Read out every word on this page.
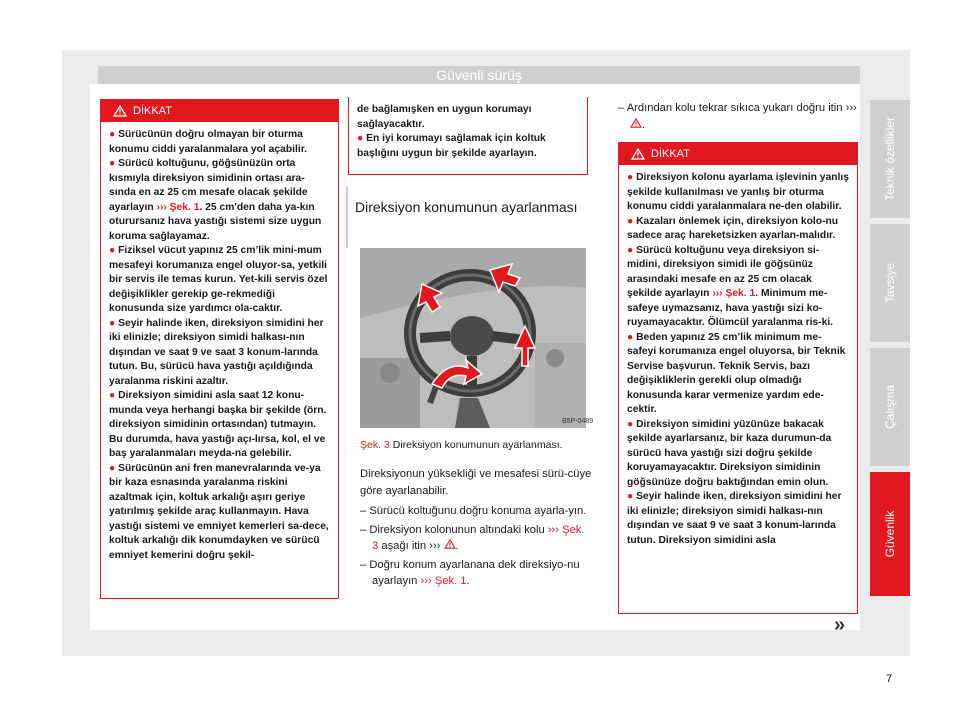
Güvenli sürüş
DİKKAT

● Sürücünün doğru olmayan bir oturma konumu ciddi yaralanmalara yol açabilir.

● Sürücü koltuğunu, göğsünüzün orta kısmıyla direksiyon simidinin ortası ara-sında en az 25 cm mesafe olacak şekilde ayarlayın ››› Şek. 1. 25 cm'den daha ya-kın oturursanız hava yastığı sistemi size uygun koruma sağlayamaz.

● Fiziksel vücut yapınız 25 cm’lik mini-mum mesafeyi korumanıza engel oluyor-sa, yetkili bir servis ile temas kurun. Yet-kili servis özel değişiklikler gerekip ge-rekmediği konusunda size yardımcı ola-caktır.

● Seyir halinde iken, direksiyon simidini her iki elinizle; direksiyon simidi halkası-nın dışından ve saat 9 ve saat 3 konum-larında tutun. Bu, sürücü hava yastığı açıldığında yaralanma riskini azaltır.

● Direksiyon simidini asla saat 12 konu-munda veya herhangi başka bir şekilde (örn. direksiyon simidinin ortasından) tutmayın. Bu durumda, hava yastığı açı-lırsa, kol, el ve baş yaralanmaları meyda-na gelebilir.

● Sürücünün ani fren manevralarında ve-ya bir kaza esnasında yaralanma riskini azaltmak için, koltuk arkalığı aşırı geriye yatırılmış şekilde araç kullanmayın. Hava yastığı sistemi ve emniyet kemerleri sa-dece, koltuk arkalığı dik konumdayken ve sürücü emniyet kemerini doğru şekil-

de bağlamışken en uygun korumayı sağlayacaktır.

● En iyi korumayı sağlamak için koltuk başlığını uygun bir şekilde ayarlayın.

Direksiyon konumunun ayarlanması
B5P-0489
Şek. 3 Direksiyon konumunun ayarlanması.

Direksiyonun yüksekliği ve mesafesi sürü-cüye göre ayarlanabilir.

– Sürücü koltuğunu doğru konuma ayarla-yın.

– Direksiyon kolonunun altındaki kolu ››› Şek. 3 aşağı itin ››› .

– Doğru konum ayarlanana dek direksiyo-nu ayarlayın ››› Şek. 1.

– Ardından kolu tekrar sıkıca yukarı doğru itin ››› .
DİKKAT

● Direksiyon kolonu ayarlama işlevinin yanlış şekilde kullanılması ve yanlış bir oturma konumu ciddi yaralanmalara ne-den olabilir.

● Kazaları önlemek için, direksiyon kolo-nu sadece araç hareketsizken ayarlan-malıdır.

● Sürücü koltuğunu veya direksiyon si-midini, direksiyon simidi ile göğsünüz arasındaki mesafe en az 25 cm olacak şekilde ayarlayın ››› Şek. 1. Minimum me-safeye uymazsanız, hava yastığı sizi ko-ruyamayacaktır. Ölümcül yaralanma ris-ki.

● Beden yapınız 25 cm’lik minimum me-safeyi korumanıza engel oluyorsa, bir Teknik Servise başvurun. Teknik Servis, bazı değişikliklerin gerekli olup olmadığı konusunda karar vermenize yardım ede-cektir.

● Direksiyon simidini yüzünüze bakacak şekilde ayarlarsanız, bir kaza durumun-da sürücü hava yastığı sizi doğru şekilde koruyamayacaktır. Direksiyon simidinin göğsünüze doğru baktığından emin olun.

● Seyir halinde iken, direksiyon simidini her iki elinizle; direksiyon simidi halkası-nın dışından ve saat 9 ve saat 3 konum-larında tutun. Direksiyon simidini asla

»
Teknik özellikler
Tavsiye
Çalışma
Güvenlik
7
